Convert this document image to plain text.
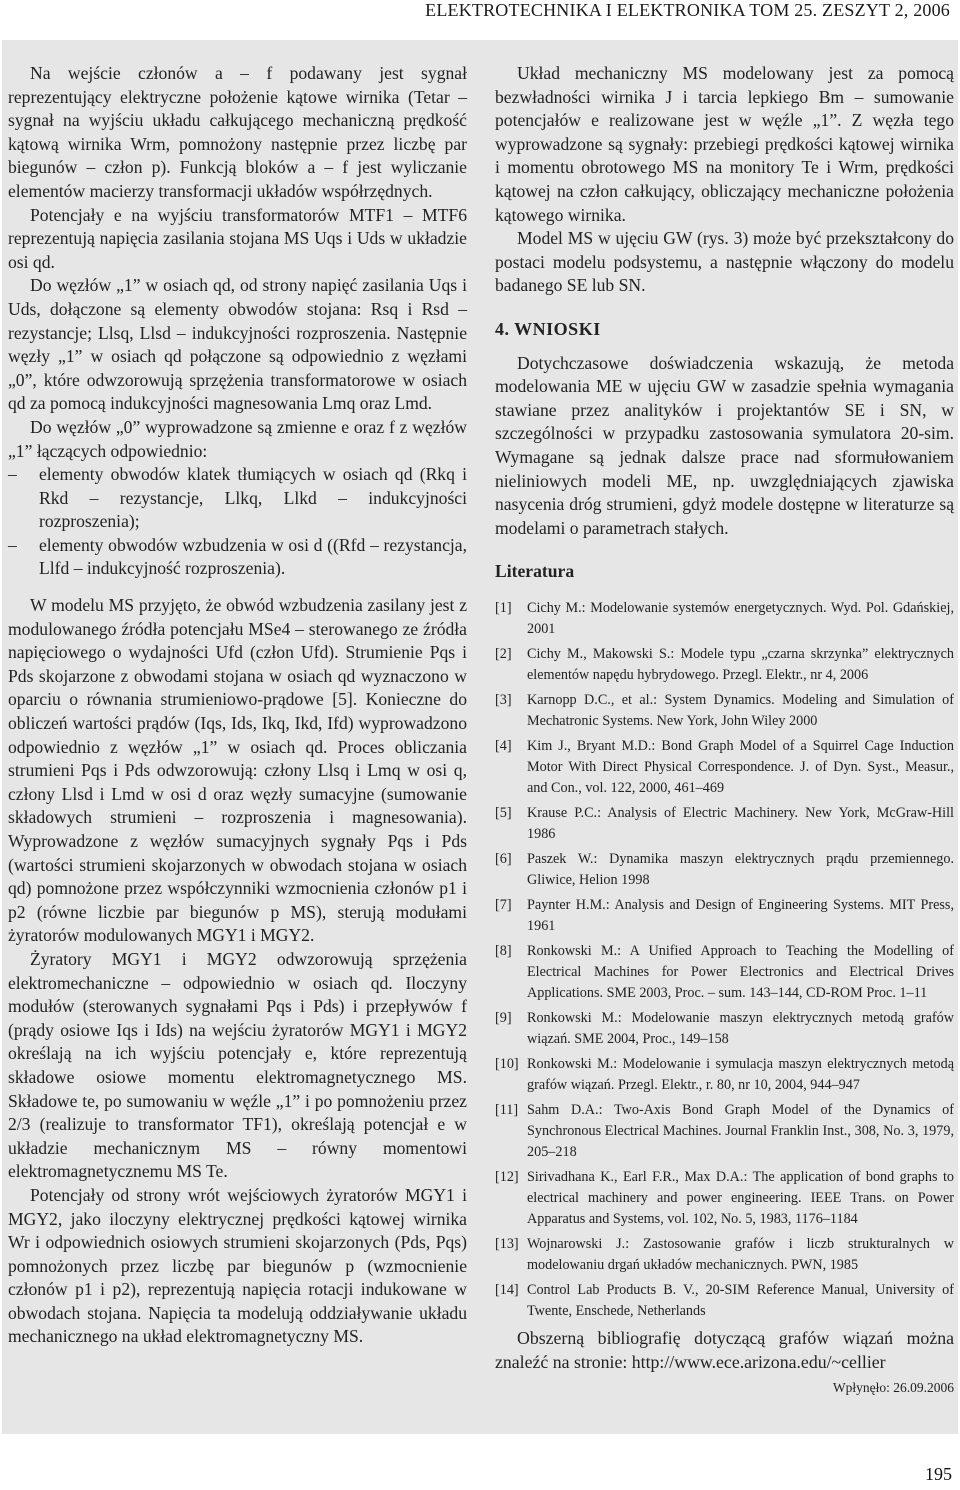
ELEKTROTECHNIKA I ELEKTRONIKA TOM 25. ZESZYT 2, 2006

Na wejście członów a – f podawany jest sygnał reprezentujący elektryczne położenie kątowe wirnika (Tetar – sygnał na wyjściu układu całkującego mechaniczną prędkość kątową wirnika Wrm, pomnożony następnie przez liczbę par biegunów – człon p). Funkcją bloków a – f jest wyliczanie elementów macierzy transformacji układów współrzędnych.

Potencjały e na wyjściu transformatorów MTF1 – MTF6 reprezentują napięcia zasilania stojana MS Uqs i Uds w układzie osi qd.

Do węzłów „1” w osiach qd, od strony napięć zasilania Uqs i Uds, dołączone są elementy obwodów stojana: Rsq i Rsd – rezystancje; Llsq, Llsd – indukcyjności rozproszenia. Następnie węzły „1” w osiach qd połączone są odpowiednio z węzłami „0”, które odwzorowują sprzężenia transformatorowe w osiach qd za pomocą indukcyjności magnesowania Lmq oraz Lmd.

Do węzłów „0” wyprowadzone są zmienne e oraz f z węzłów „1” łączących odpowiednio:

– elementy obwodów klatek tłumiących w osiach qd (Rkq i Rkd – rezystancje, Llkq, Llkd – indukcyjności rozproszenia);
– elementy obwodów wzbudzenia w osi d ((Rfd – rezystancja, Llfd – indukcyjność rozproszenia).

W modelu MS przyjęto, że obwód wzbudzenia zasilany jest z modulowanego źródła potencjału MSe4 – sterowanego ze źródła napięciowego o wydajności Ufd (człon Ufd). Strumienie Pqs i Pds skojarzone z obwodami stojana w osiach qd wyznaczono w oparciu o równania strumieniowo-prądowe [5]. Konieczne do obliczeń wartości prądów (Iqs, Ids, Ikq, Ikd, Ifd) wyprowadzono odpowiednio z węzłów „1” w osiach qd. Proces obliczania strumieni Pqs i Pds odwzorowują: człony Llsq i Lmq w osi q, człony Llsd i Lmd w osi d oraz węzły sumacyjne (sumowanie składowych strumieni – rozproszenia i magnesowania). Wyprowadzone z węzłów sumacyjnych sygnały Pqs i Pds (wartości strumieni skojarzonych w obwodach stojana w osiach qd) pomnożone przez współczynniki wzmocnienia członów p1 i p2 (równe liczbie par biegunów p MS), sterują modułami żyratorów modulowanych MGY1 i MGY2.

Żyratory MGY1 i MGY2 odwzorowują sprzężenia elektromechaniczne – odpowiednio w osiach qd. Iloczyny modułów (sterowanych sygnałami Pqs i Pds) i przepływów f (prądy osiowe Iqs i Ids) na wejściu żyratorów MGY1 i MGY2 określają na ich wyjściu potencjały e, które reprezentują składowe osiowe momentu elektromagnetycznego MS. Składowe te, po sumowaniu w węźle „1” i po pomnożeniu przez 2/3 (realizuje to transformator TF1), określają potencjał e w układzie mechanicznym MS – równy momentowi elektromagnetycznemu MS Te.

Potencjały od strony wrót wejściowych żyratorów MGY1 i MGY2, jako iloczyny elektrycznej prędkości kątowej wirnika Wr i odpowiednich osiowych strumieni skojarzonych (Pds, Pqs) pomnożonych przez liczbę par biegunów p (wzmocnienie członów p1 i p2), reprezentują napięcia rotacji indukowane w obwodach stojana. Napięcia ta modelują oddziaływanie układu mechanicznego na układ elektromagnetyczny MS.

Układ mechaniczny MS modelowany jest za pomocą bezwładności wirnika J i tarcia lepkiego Bm – sumowanie potencjałów e realizowane jest w węźle „1”. Z węzła tego wyprowadzone są sygnały: przebiegi prędkości kątowej wirnika i momentu obrotowego MS na monitory Te i Wrm, prędkości kątowej na człon całkujący, obliczający mechaniczne położenia kątowego wirnika.

Model MS w ujęciu GW (rys. 3) może być przekształcony do postaci modelu podsystemu, a następnie włączony do modelu badanego SE lub SN.

4. WNIOSKI

Dotychczasowe doświadczenia wskazują, że metoda modelowania ME w ujęciu GW w zasadzie spełnia wymagania stawiane przez analityków i projektantów SE i SN, w szczególności w przypadku zastosowania symulatora 20-sim. Wymagane są jednak dalsze prace nad sformułowaniem nieliniowych modeli ME, np. uwzględniających zjawiska nasycenia dróg strumieni, gdyż modele dostępne w literaturze są modelami o parametrach stałych.

Literatura
[1]	Cichy M.: Modelowanie systemów energetycznych. Wyd. Pol. Gdańskiej, 2001
[2]	Cichy M., Makowski S.: Modele typu „czarna skrzynka” elektrycznych elementów napędu hybrydowego. Przegl. Elektr., nr 4, 2006
[3]	Karnopp D.C., et al.: System Dynamics. Modeling and Simulation of Mechatronic Systems. New York, John Wiley 2000
[4]	Kim J., Bryant M.D.: Bond Graph Model of a Squirrel Cage Induction Motor With Direct Physical Correspondence. J. of Dyn. Syst., Measur., and Con., vol. 122, 2000, 461–469
[5]	Krause P.C.: Analysis of Electric Machinery. New York, McGraw-Hill 1986
[6]	Paszek W.: Dynamika maszyn elektrycznych prądu przemiennego. Gliwice, Helion 1998
[7]	Paynter H.M.: Analysis and Design of Engineering Systems. MIT Press, 1961
[8]	Ronkowski M.: A Unified Approach to Teaching the Modelling of Electrical Machines for Power Electronics and Electrical Drives Applications. SME 2003, Proc. – sum. 143–144, CD-ROM Proc. 1–11
[9]	Ronkowski M.: Modelowanie maszyn elektrycznych metodą grafów wiązań. SME 2004, Proc., 149–158
[10] Ronkowski M.: Modelowanie i symulacja maszyn elektrycznych metodą grafów wiązań. Przegl. Elektr., r. 80, nr 10, 2004, 944–947
[11] Sahm D.A.: Two-Axis Bond Graph Model of the Dynamics of Synchronous Electrical Machines. Journal Franklin Inst., 308, No. 3, 1979, 205–218
[12] Sirivadhana K., Earl F.R., Max D.A.: The application of bond graphs to electrical machinery and power engineering. IEEE Trans. on Power Apparatus and Systems, vol. 102, No. 5, 1983, 1176–1184
[13] Wojnarowski J.: Zastosowanie grafów i liczb strukturalnych w modelowaniu drgań układów mechanicznych. PWN, 1985
[14] Control Lab Products B. V., 20-SIM Reference Manual, University of Twente, Enschede, Netherlands

Obszerną bibliografię dotyczącą grafów wiązań można znaleźć na stronie: http://www.ece.arizona.edu/~cellier

Wpłynęło: 26.09.2006
195
